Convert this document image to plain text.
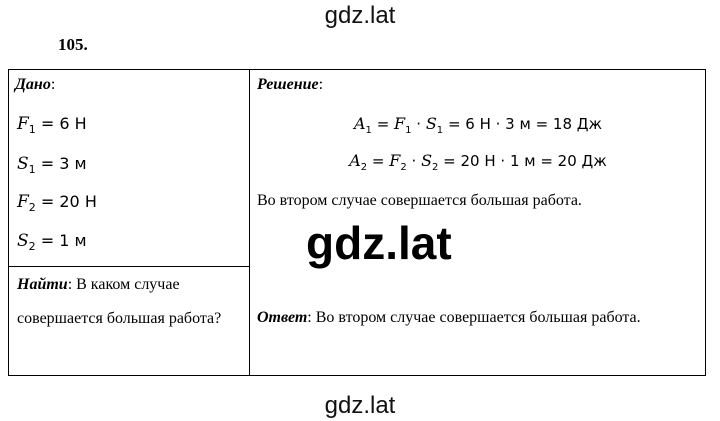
gdz.lat
105.
Дано:
$F_1 = 6$ Н
$S_1 = 3$ м
$F_2 = 20$ Н
$S_2 = 1$ м
Найти: В каком случае совершается большая работа?
Решение:
$A_1 = F_1 \cdot S_1 = 6$ Н · 3 м = 18 Дж
$A_2 = F_2 \cdot S_2 = 20$ Н · 1 м = 20 Дж
Во втором случае совершается большая работа.
Ответ: Во втором случае совершается большая работа.
gdz.lat
gdz.lat
